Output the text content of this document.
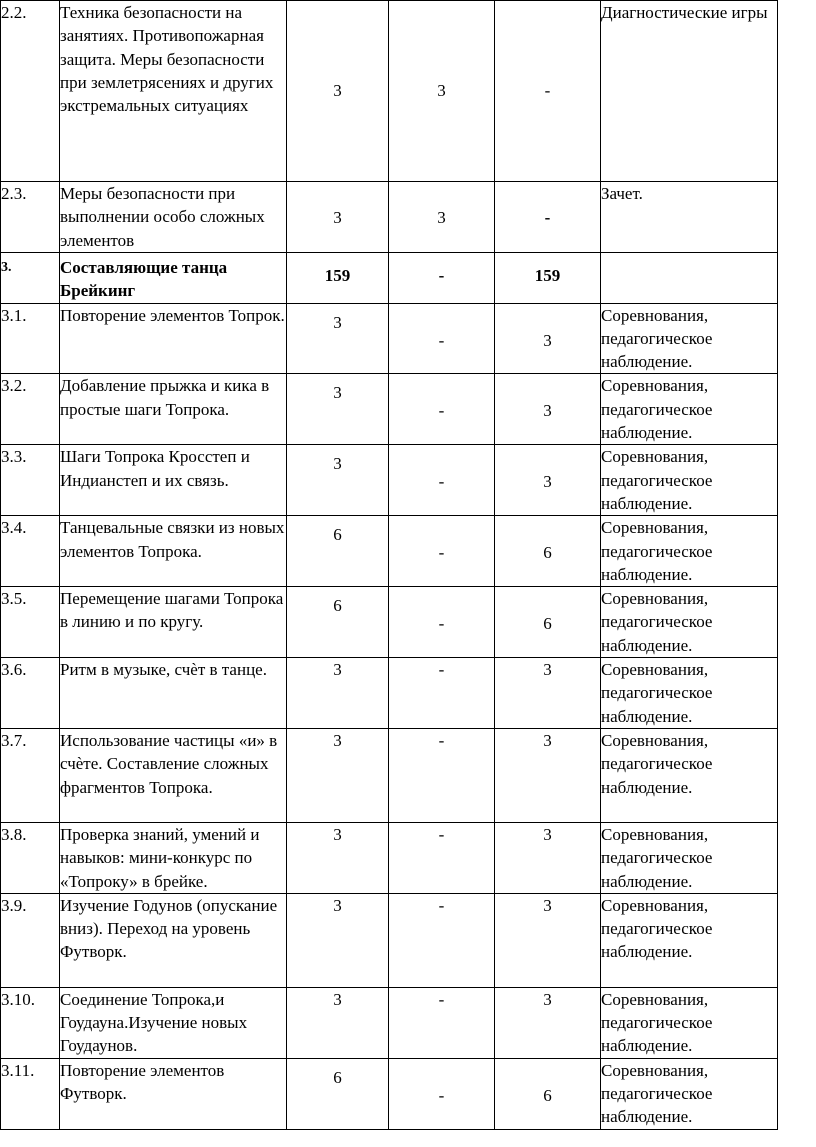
2.2.	Техника безопасности на занятиях. Противопожарная защита. Меры безопасности при землетрясениях и других экстремальных ситуациях	3	3	-	Диагностические игры
2.3.	Меры безопасности при выполнении особо сложных элементов	3	3	-	Зачет.
3.	Составляющие танца Брейкинг	159	-	159	

3.1.	Повторение элементов Топрок.	3	-	3	Соревнования, педагогическое наблюдение.
3.2.	Добавление прыжка и кика в простые шаги Топрока.	3	-	3	Соревнования, педагогическое наблюдение.
3.3.	Шаги Топрока Кросстеп и Индианстеп и их связь.	3	-	3	Соревнования, педагогическое наблюдение.
3.4.	Танцевальные связки из новых элементов Топрока.	6	-	6	Соревнования, педагогическое наблюдение.
3.5.	Перемещение шагами Топрока в линию и по кругу.	6	-	6	Соревнования, педагогическое наблюдение.
3.6.	Ритм в музыке, счѐт в танце.	3	-	3	Соревнования, педагогическое наблюдение.
3.7.	Использование частицы «и» в счѐте. Составление сложных фрагментов Топрока.	3	-	3	Соревнования, педагогическое наблюдение.
3.8.	Проверка знаний, умений и навыков: мини-конкурс по «Топроку» в брейке.	3	-	3	Соревнования, педагогическое наблюдение.
3.9.	Изучение Годунов (опускание вниз). Переход на уровень Футворк.	3	-	3	Соревнования, педагогическое наблюдение.
3.10.	Соединение Топрока,и Гоудауна.Изучение новых Гоудаунов.	3	-	3	Соревнования, педагогическое наблюдение.
3.11.	Повторение элементов Футворк.	6	-	6	Соревнования, педагогическое наблюдение.
